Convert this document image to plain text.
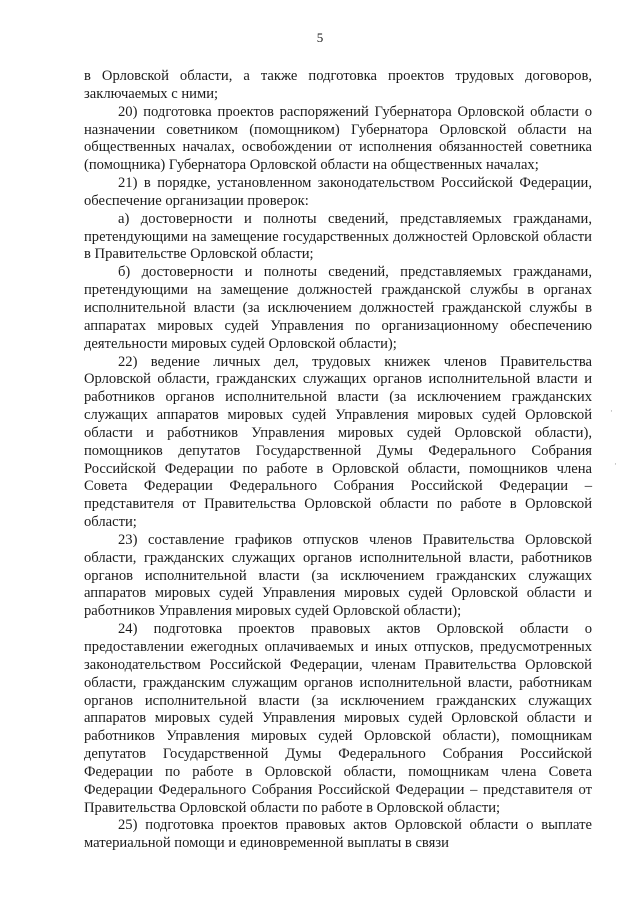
5

в Орловской области, а также подготовка проектов трудовых договоров, заключаемых с ними;

20) подготовка проектов распоряжений Губернатора Орловской области о назначении советником (помощником) Губернатора Орловской области на общественных началах, освобождении от исполнения обязанностей советника (помощника) Губернатора Орловской области на общественных началах;

21) в порядке, установленном законодательством Российской Федерации, обеспечение организации проверок:

а) достоверности и полноты сведений, представляемых гражданами, претендующими на замещение государственных должностей Орловской области в Правительстве Орловской области;

б) достоверности и полноты сведений, представляемых гражданами, претендующими на замещение должностей гражданской службы в органах исполнительной власти (за исключением должностей гражданской службы в аппаратах мировых судей Управления по организационному обеспечению деятельности мировых судей Орловской области);

22) ведение личных дел, трудовых книжек членов Правительства Орловской области, гражданских служащих органов исполнительной власти и работников органов исполнительной власти (за исключением гражданских служащих аппаратов мировых судей Управления мировых судей Орловской области и работников Управления мировых судей Орловской области), помощников депутатов Государственной Думы Федерального Собрания Российской Федерации по работе в Орловской области, помощников члена Совета Федерации Федерального Собрания Российской Федерации – представителя от Правительства Орловской области по работе в Орловской области;

23) составление графиков отпусков членов Правительства Орловской области, гражданских служащих органов исполнительной власти, работников органов исполнительной власти (за исключением гражданских служащих аппаратов мировых судей Управления мировых судей Орловской области и работников Управления мировых судей Орловской области);

24) подготовка проектов правовых актов Орловской области о предоставлении ежегодных оплачиваемых и иных отпусков, предусмотренных законодательством Российской Федерации, членам Правительства Орловской области, гражданским служащим органов исполнительной власти, работникам органов исполнительной власти (за исключением гражданских служащих аппаратов мировых судей Управления мировых судей Орловской области и работников Управления мировых судей Орловской области), помощникам депутатов Государственной Думы Федерального Собрания Российской Федерации по работе в Орловской области, помощникам члена Совета Федерации Федерального Собрания Российской Федерации – представителя от Правительства Орловской области по работе в Орловской области;

25) подготовка проектов правовых актов Орловской области о выплате материальной помощи и единовременной выплаты в связи

·
·
